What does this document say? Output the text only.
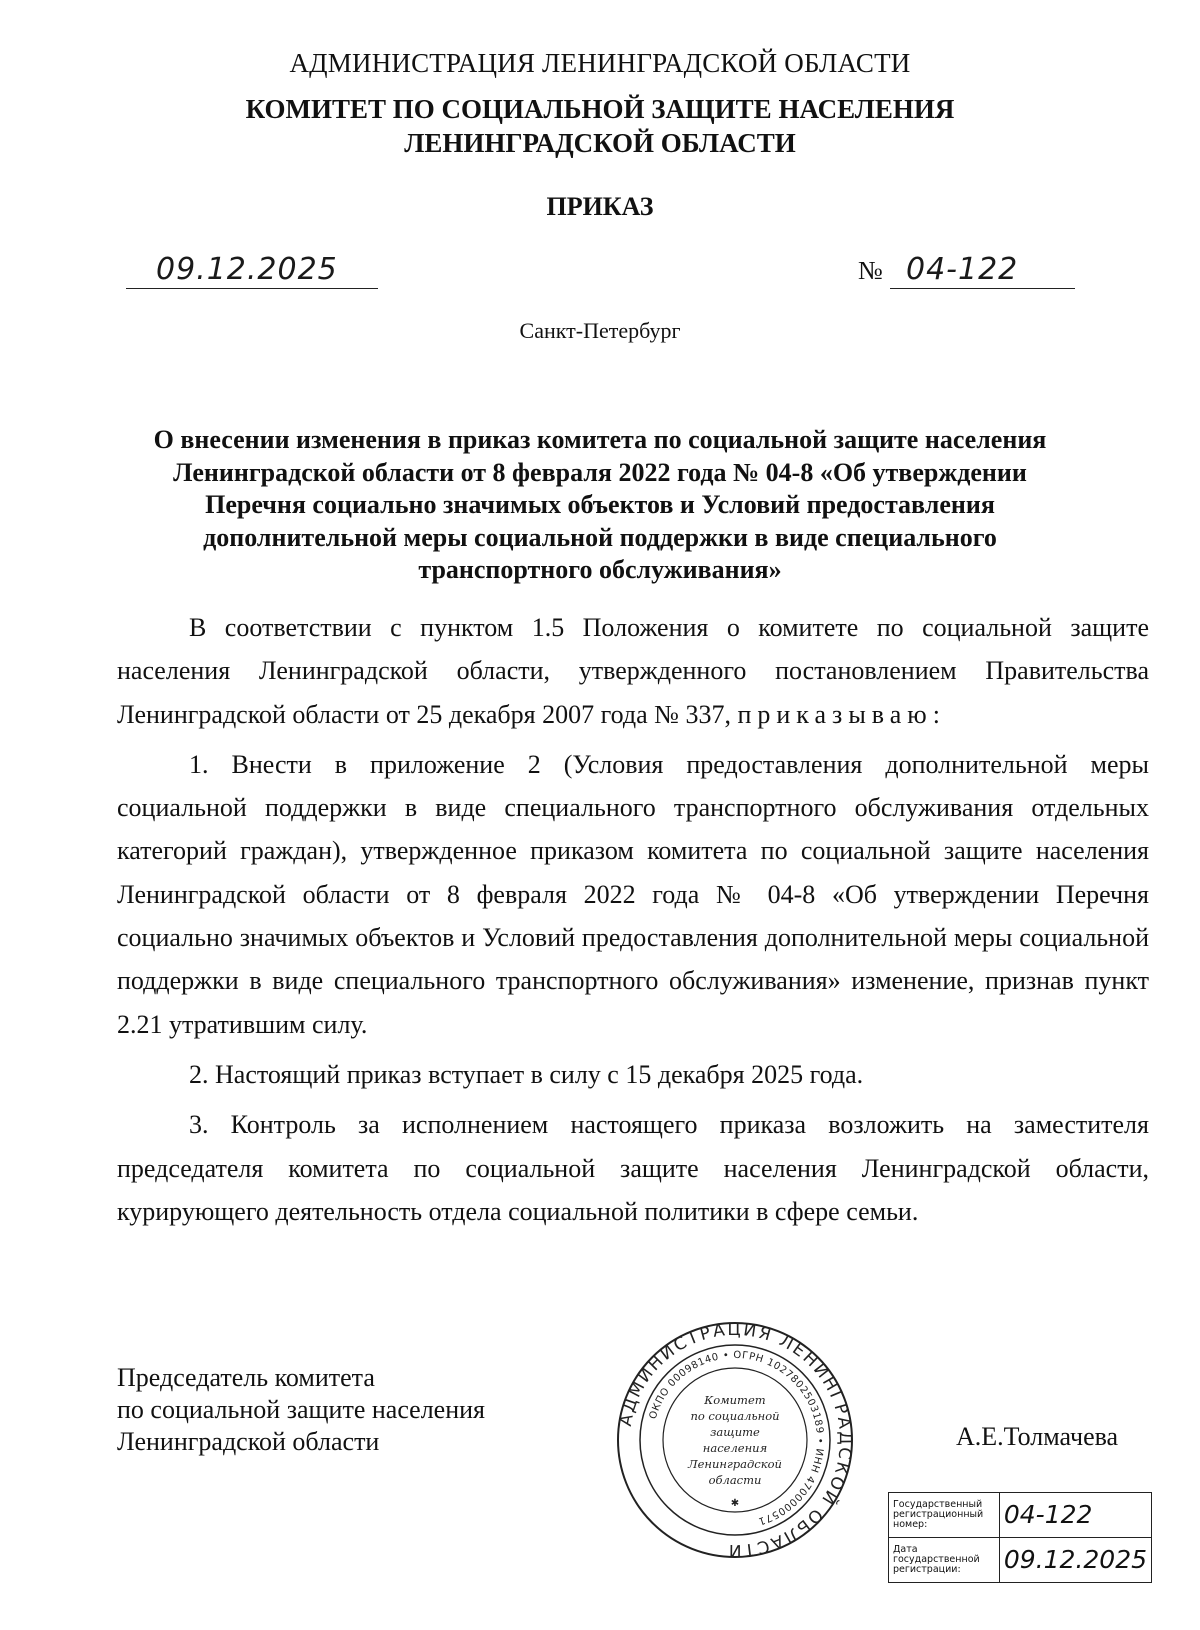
АДМИНИСТРАЦИЯ ЛЕНИНГРАДСКОЙ ОБЛАСТИ
КОМИТЕТ ПО СОЦИАЛЬНОЙ ЗАЩИТЕ НАСЕЛЕНИЯ
ЛЕНИНГРАДСКОЙ ОБЛАСТИ
ПРИКАЗ
09.12.2025	№ 04-122
Санкт-Петербург
О внесении изменения в приказ комитета по социальной защите населения
Ленинградской области от 8 февраля 2022 года № 04-8 «Об утверждении
Перечня социально значимых объектов и Условий предоставления
дополнительной меры социальной поддержки в виде специального
транспортного обслуживания»

В соответствии с пунктом 1.5 Положения о комитете по социальной защите населения Ленинградской области, утвержденного постановлением Правительства Ленинградской области от 25 декабря 2007 года № 337, приказываю:

1. Внести в приложение 2 (Условия предоставления дополнительной меры социальной поддержки в виде специального транспортного обслуживания отдельных категорий граждан), утвержденное приказом комитета по социальной защите населения Ленинградской области от 8 февраля 2022 года № 04-8 «Об утверждении Перечня социально значимых объектов и Условий предоставления дополнительной меры социальной поддержки в виде специального транспортного обслуживания» изменение, признав пункт 2.21 утратившим силу.

2. Настоящий приказ вступает в силу с 15 декабря 2025 года.

3. Контроль за исполнением настоящего приказа возложить на заместителя председателя комитета по социальной защите населения Ленинградской области, курирующего деятельность отдела социальной политики в сфере семьи.

Председатель комитета
по социальной защите населения
Ленинградской области	А.Е.Толмачева
АДМИНИСТРАЦИЯ ЛЕНИНГРАДСКОЙ ОБЛАСТИ
ОКПО 00098140 • ОГРН 1027802503189 • ИНН 4700000571
Комитет
по социальной
защите
населения
Ленинградской
области
✱	Государственный регистрационный номер:	04-122
Дата государственной регистрации:	09.12.2025
